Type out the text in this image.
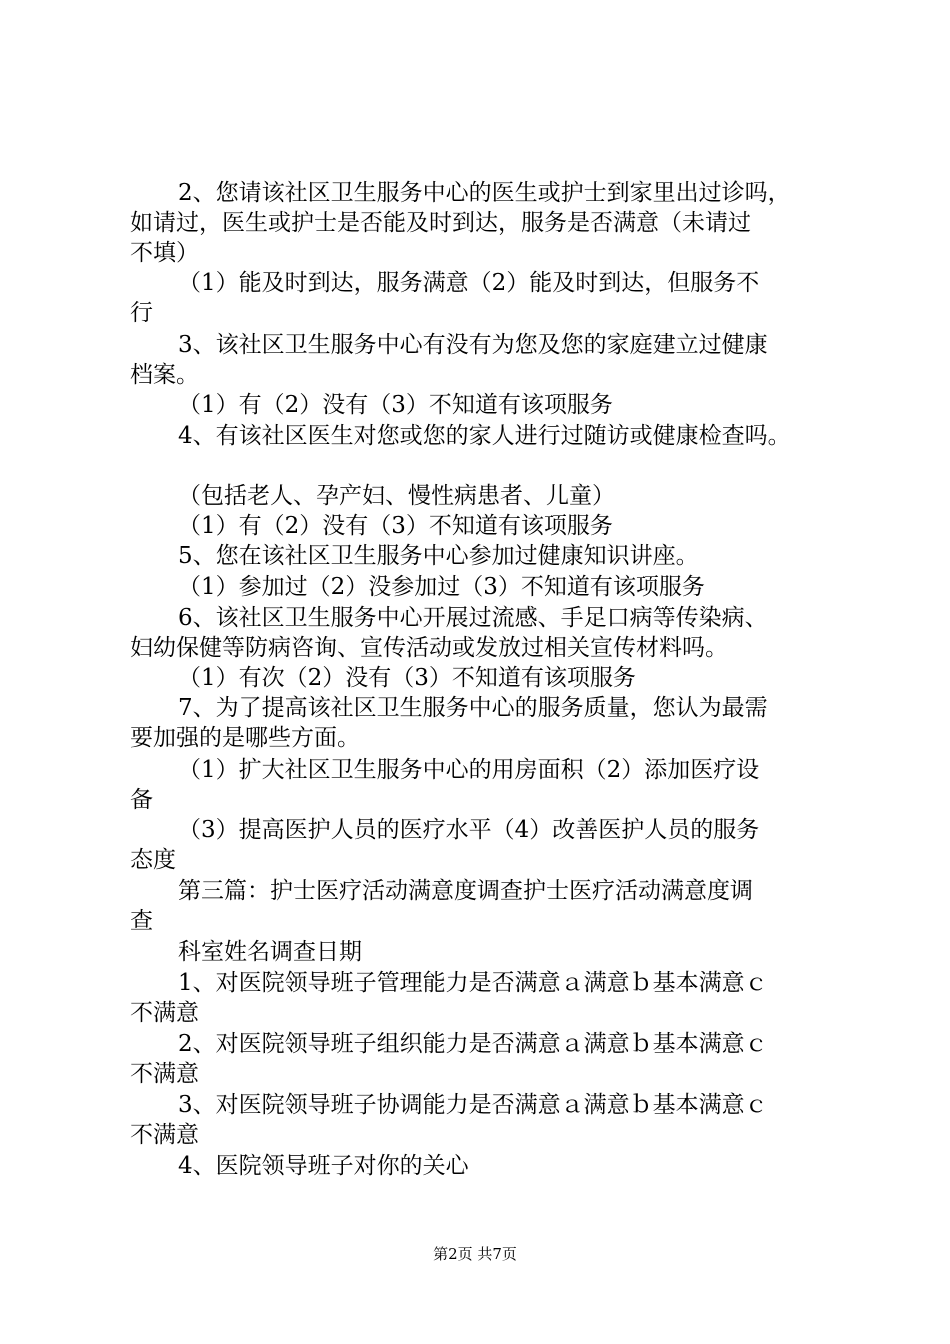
2、您请该社区卫生服务中心的医生或护士到家里出过诊吗，
如请过，医生或护士是否能及时到达，服务是否满意（未请过
不填）
（1）能及时到达，服务满意（2）能及时到达，但服务不
行
3、该社区卫生服务中心有没有为您及您的家庭建立过健康
档案。
（1）有（2）没有（3）不知道有该项服务
4、有该社区医生对您或您的家人进行过随访或健康检查吗。
（包括老人、孕产妇、慢性病患者、儿童）
（1）有（2）没有（3）不知道有该项服务
5、您在该社区卫生服务中心参加过健康知识讲座。
（1）参加过（2）没参加过（3）不知道有该项服务
6、该社区卫生服务中心开展过流感、手足口病等传染病、
妇幼保健等防病咨询、宣传活动或发放过相关宣传材料吗。
（1）有次（2）没有（3）不知道有该项服务
7、为了提高该社区卫生服务中心的服务质量，您认为最需
要加强的是哪些方面。
（1）扩大社区卫生服务中心的用房面积（2）添加医疗设
备
（3）提高医护人员的医疗水平（4）改善医护人员的服务
态度
第三篇：护士医疗活动满意度调查护士医疗活动满意度调
查
科室姓名调查日期
1、对医院领导班子管理能力是否满意ａ满意ｂ基本满意ｃ
不满意
2、对医院领导班子组织能力是否满意ａ满意ｂ基本满意ｃ
不满意
3、对医院领导班子协调能力是否满意ａ满意ｂ基本满意ｃ
不满意
4、医院领导班子对你的关心
第2页 共7页
